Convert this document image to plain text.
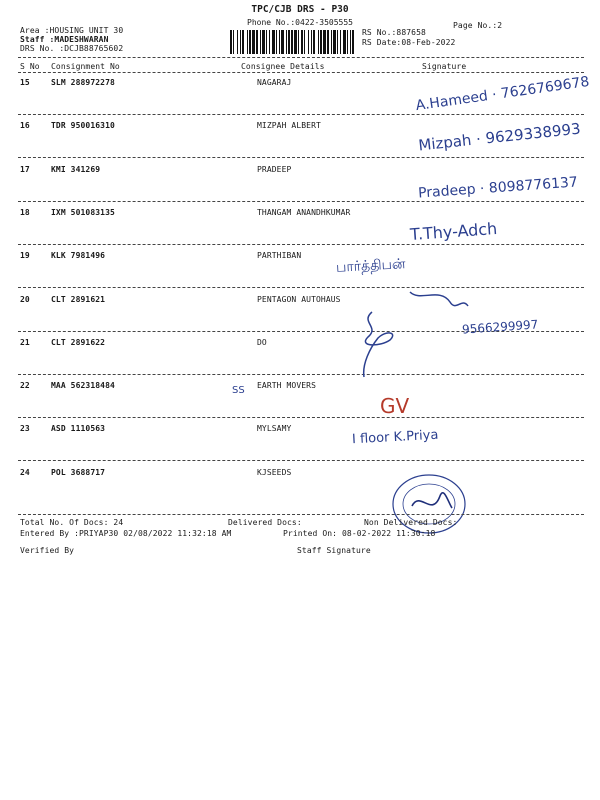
TPC/CJB DRS - P30
Phone No.:0422-3505555
Area :HOUSING UNIT 30
Staff :MADESHWARAN
DRS No. :DCJB88765602
RS No.:887658
RS Date:08-Feb-2022
Page No.:2
S No Consignment No	Consignee Details	Signature
15	SLM 288972278	NAGARAJ
16	TDR 950016310	MIZPAH ALBERT
17	KMI 341269	PRADEEP
18	IXM 501083135	THANGAM ANANDHKUMAR
19	KLK 7981496	PARTHIBAN
20	CLT 2891621	PENTAGON AUTOHAUS
21	CLT 2891622	DO
22	MAA 562318484	EARTH MOVERS
23	ASD 1110563	MYLSAMY
24	POL 3688717	KJSEEDS
SS
A.Hameed · 7626769678
Mizpah · 9629338993
Pradeep · 8098776137
T.Thy-Adch
பார்த்திபன்
9566299997
GV
I floor K.Priya
Total No. Of Docs: 24	Delivered Docs:	Non Delivered Docs:
Entered By :PRIYAP30 02/08/2022 11:32:18 AM	Printed On: 08-02-2022 11:30:18
Verified By	Staff Signature
